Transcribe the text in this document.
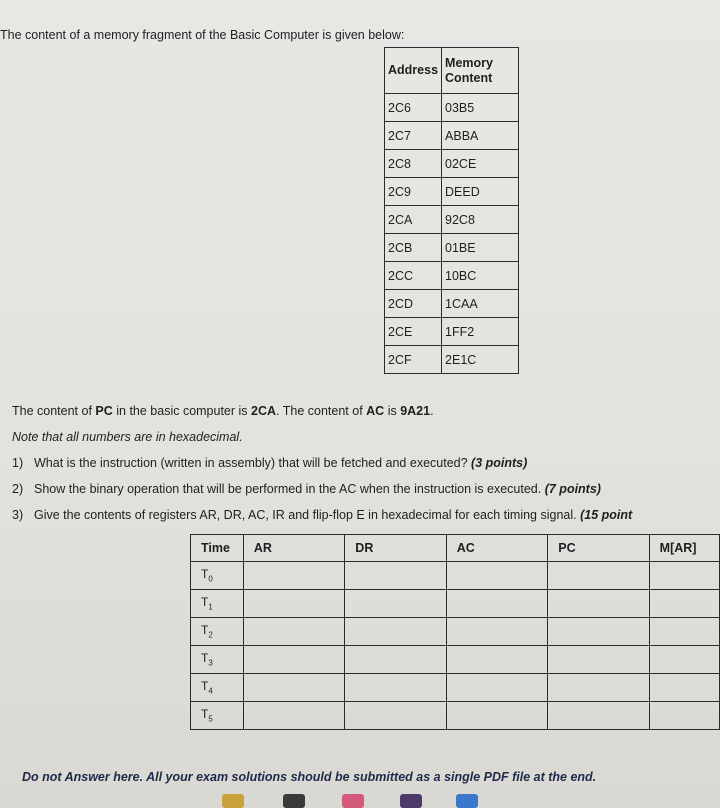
The content of a memory fragment of the Basic Computer is given below:
Address	Memory Content
2C6	03B5
2C7	ABBA
2C8	02CE
2C9	DEED
2CA	92C8
2CB	01BE
2CC	10BC
2CD	1CAA
2CE	1FF2
2CF	2E1C
The content of PC in the basic computer is 2CA. The content of AC is 9A21.
Note that all numbers are in hexadecimal.
1) What is the instruction (written in assembly) that will be fetched and executed? (3 points)
2) Show the binary operation that will be performed in the AC when the instruction is executed. (7 points)
3) Give the contents of registers AR, DR, AC, IR and flip-flop E in hexadecimal for each timing signal. (15 point
Time	AR	DR	AC	PC	M[AR]
$T_0$					
$T_1$					
$T_2$					
$T_3$					
$T_4$					
$T_5$					
Do not Answer here. All your exam solutions should be submitted as a single PDF file at the end.
